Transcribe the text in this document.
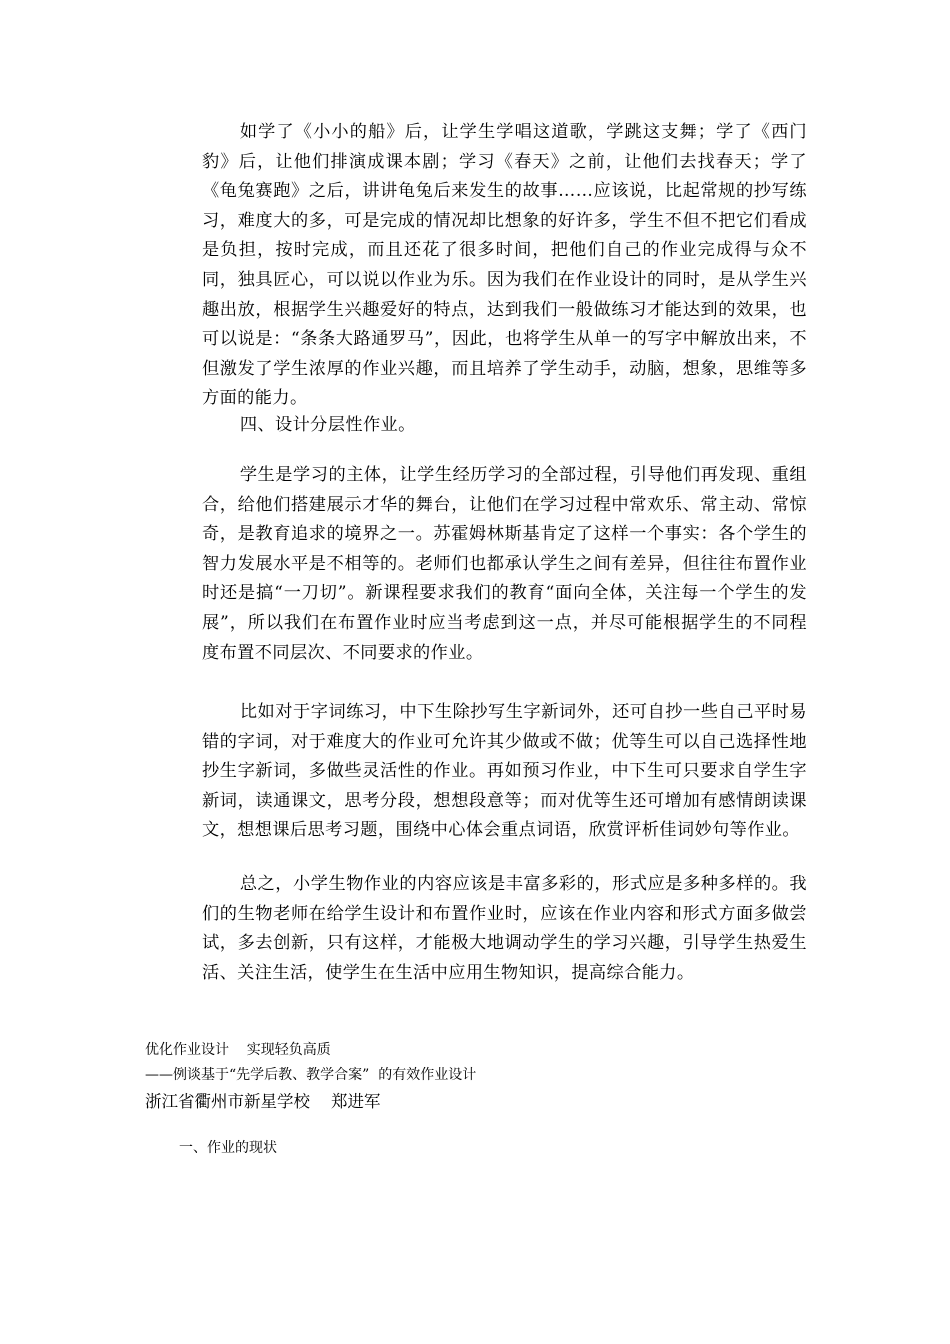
如学了《小小的船》后，让学生学唱这道歌，学跳这支舞；学了《西门豹》后，让他们排演成课本剧；学习《春天》之前，让他们去找春天；学了《龟兔赛跑》之后，讲讲龟兔后来发生的故事……应该说，比起常规的抄写练习，难度大的多，可是完成的情况却比想象的好许多，学生不但不把它们看成是负担，按时完成，而且还花了很多时间，把他们自己的作业完成得与众不同，独具匠心，可以说以作业为乐。因为我们在作业设计的同时，是从学生兴趣出放，根据学生兴趣爱好的特点，达到我们一般做练习才能达到的效果，也可以说是：“条条大路通罗马”，因此，也将学生从单一的写字中解放出来，不但激发了学生浓厚的作业兴趣，而且培养了学生动手，动脑，想象，思维等多方面的能力。

四、设计分层性作业。

学生是学习的主体，让学生经历学习的全部过程，引导他们再发现、重组合，给他们搭建展示才华的舞台，让他们在学习过程中常欢乐、常主动、常惊奇，是教育追求的境界之一。苏霍姆林斯基肯定了这样一个事实：各个学生的智力发展水平是不相等的。老师们也都承认学生之间有差异，但往往布置作业时还是搞“一刀切”。新课程要求我们的教育“面向全体，关注每一个学生的发展”，所以我们在布置作业时应当考虑到这一点，并尽可能根据学生的不同程度布置不同层次、不同要求的作业。

比如对于字词练习，中下生除抄写生字新词外，还可自抄一些自己平时易错的字词，对于难度大的作业可允许其少做或不做；优等生可以自己选择性地抄生字新词，多做些灵活性的作业。再如预习作业，中下生可只要求自学生字新词，读通课文，思考分段，想想段意等；而对优等生还可增加有感情朗读课文，想想课后思考习题，围绕中心体会重点词语，欣赏评析佳词妙句等作业。

总之，小学生物作业的内容应该是丰富多彩的，形式应是多种多样的。我们的生物老师在给学生设计和布置作业时，应该在作业内容和形式方面多做尝试，多去创新，只有这样，才能极大地调动学生的学习兴趣，引导学生热爱生活、关注生活，使学生在生活中应用生物知识，提高综合能力。

优化作业设计    实现轻负高质

——例谈基于“先学后教、教学合案”  的有效作业设计

浙江省衢州市新星学校    郑进军

一、作业的现状
